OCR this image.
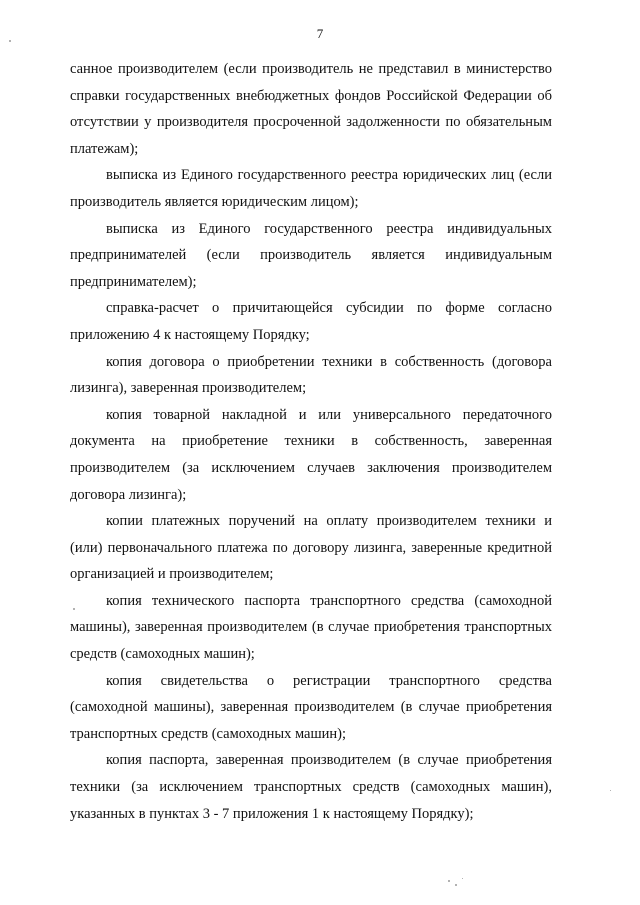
7

санное производителем (если производитель не представил в министерство справки государственных внебюджетных фондов Российской Федерации об отсутствии у производителя просроченной задолженности по обязательным платежам);

выписка из Единого государственного реестра юридических лиц (если производитель является юридическим лицом);

выписка из Единого государственного реестра индивидуальных предпринимателей (если производитель является индивидуальным предпринимателем);

справка-расчет о причитающейся субсидии по форме согласно приложению 4 к настоящему Порядку;

копия договора о приобретении техники в собственность (договора лизинга), заверенная производителем;

копия товарной накладной и или универсального передаточного документа на приобретение техники в собственность, заверенная производителем (за исключением случаев заключения производителем договора лизинга);

копии платежных поручений на оплату производителем техники и (или) первоначального платежа по договору лизинга, заверенные кредитной организацией и производителем;

копия технического паспорта транспортного средства (самоходной машины), заверенная производителем (в случае приобретения транспортных средств (самоходных машин);

копия свидетельства о регистрации транспортного средства (самоходной машины), заверенная производителем (в случае приобретения транспортных средств (самоходных машин);

копия паспорта, заверенная производителем (в случае приобретения техники (за исключением транспортных средств (самоходных машин), указанных в пунктах 3 - 7 приложения 1 к настоящему Порядку);
